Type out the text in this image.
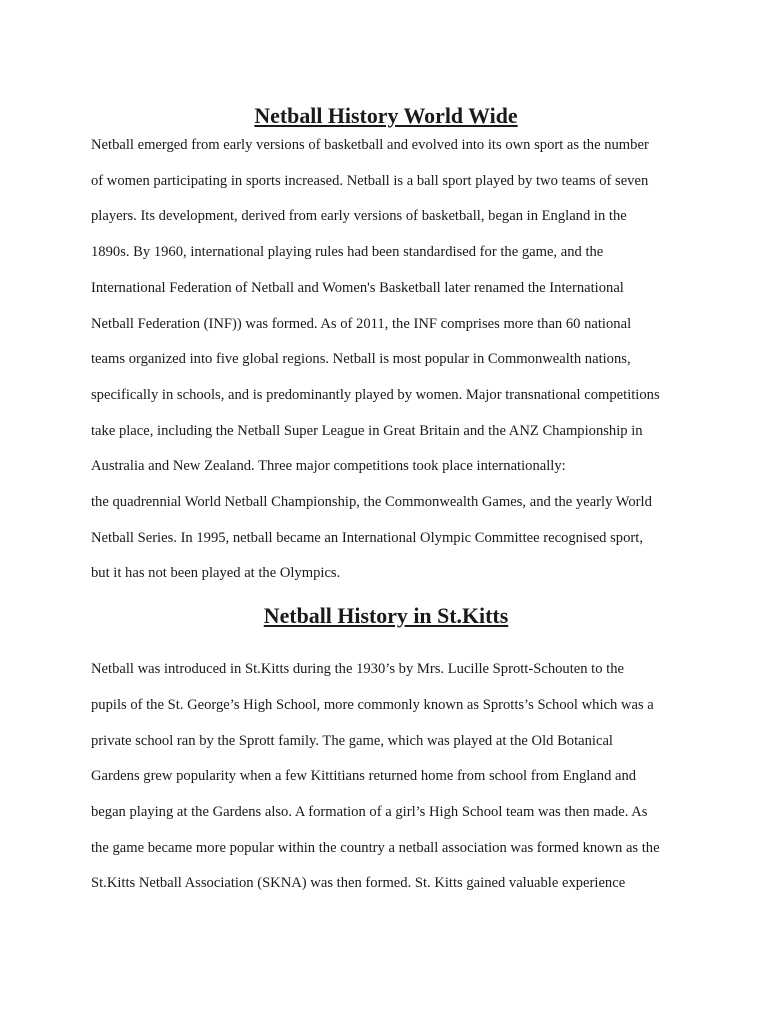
Netball History World Wide

Netball emerged from early versions of basketball and evolved into its own sport as the number
of women participating in sports increased. Netball is a ball sport played by two teams of seven
players. Its development, derived from early versions of basketball, began in England in the
1890s. By 1960, international playing rules had been standardised for the game, and the
International Federation of Netball and Women's Basketball later renamed the International
Netball Federation (INF)) was formed. As of 2011, the INF comprises more than 60 national
teams organized into five global regions. Netball is most popular in Commonwealth nations,
specifically in schools, and is predominantly played by women. Major transnational competitions
take place, including the Netball Super League in Great Britain and the ANZ Championship in
Australia and New Zealand. Three major competitions took place internationally:
the quadrennial World Netball Championship, the Commonwealth Games, and the yearly World
Netball Series. In 1995, netball became an International Olympic Committee recognised sport,
but it has not been played at the Olympics.

Netball History in St.Kitts

Netball was introduced in St.Kitts during the 1930’s by Mrs. Lucille Sprott-Schouten to the
pupils of the St. George’s High School, more commonly known as Sprotts’s School which was a
private school ran by the Sprott family. The game, which was played at the Old Botanical
Gardens grew popularity when a few Kittitians returned home from school from England and
began playing at the Gardens also. A formation of a girl’s High School team was then made. As
the game became more popular within the country a netball association was formed known as the
St.Kitts Netball Association (SKNA) was then formed. St. Kitts gained valuable experience
